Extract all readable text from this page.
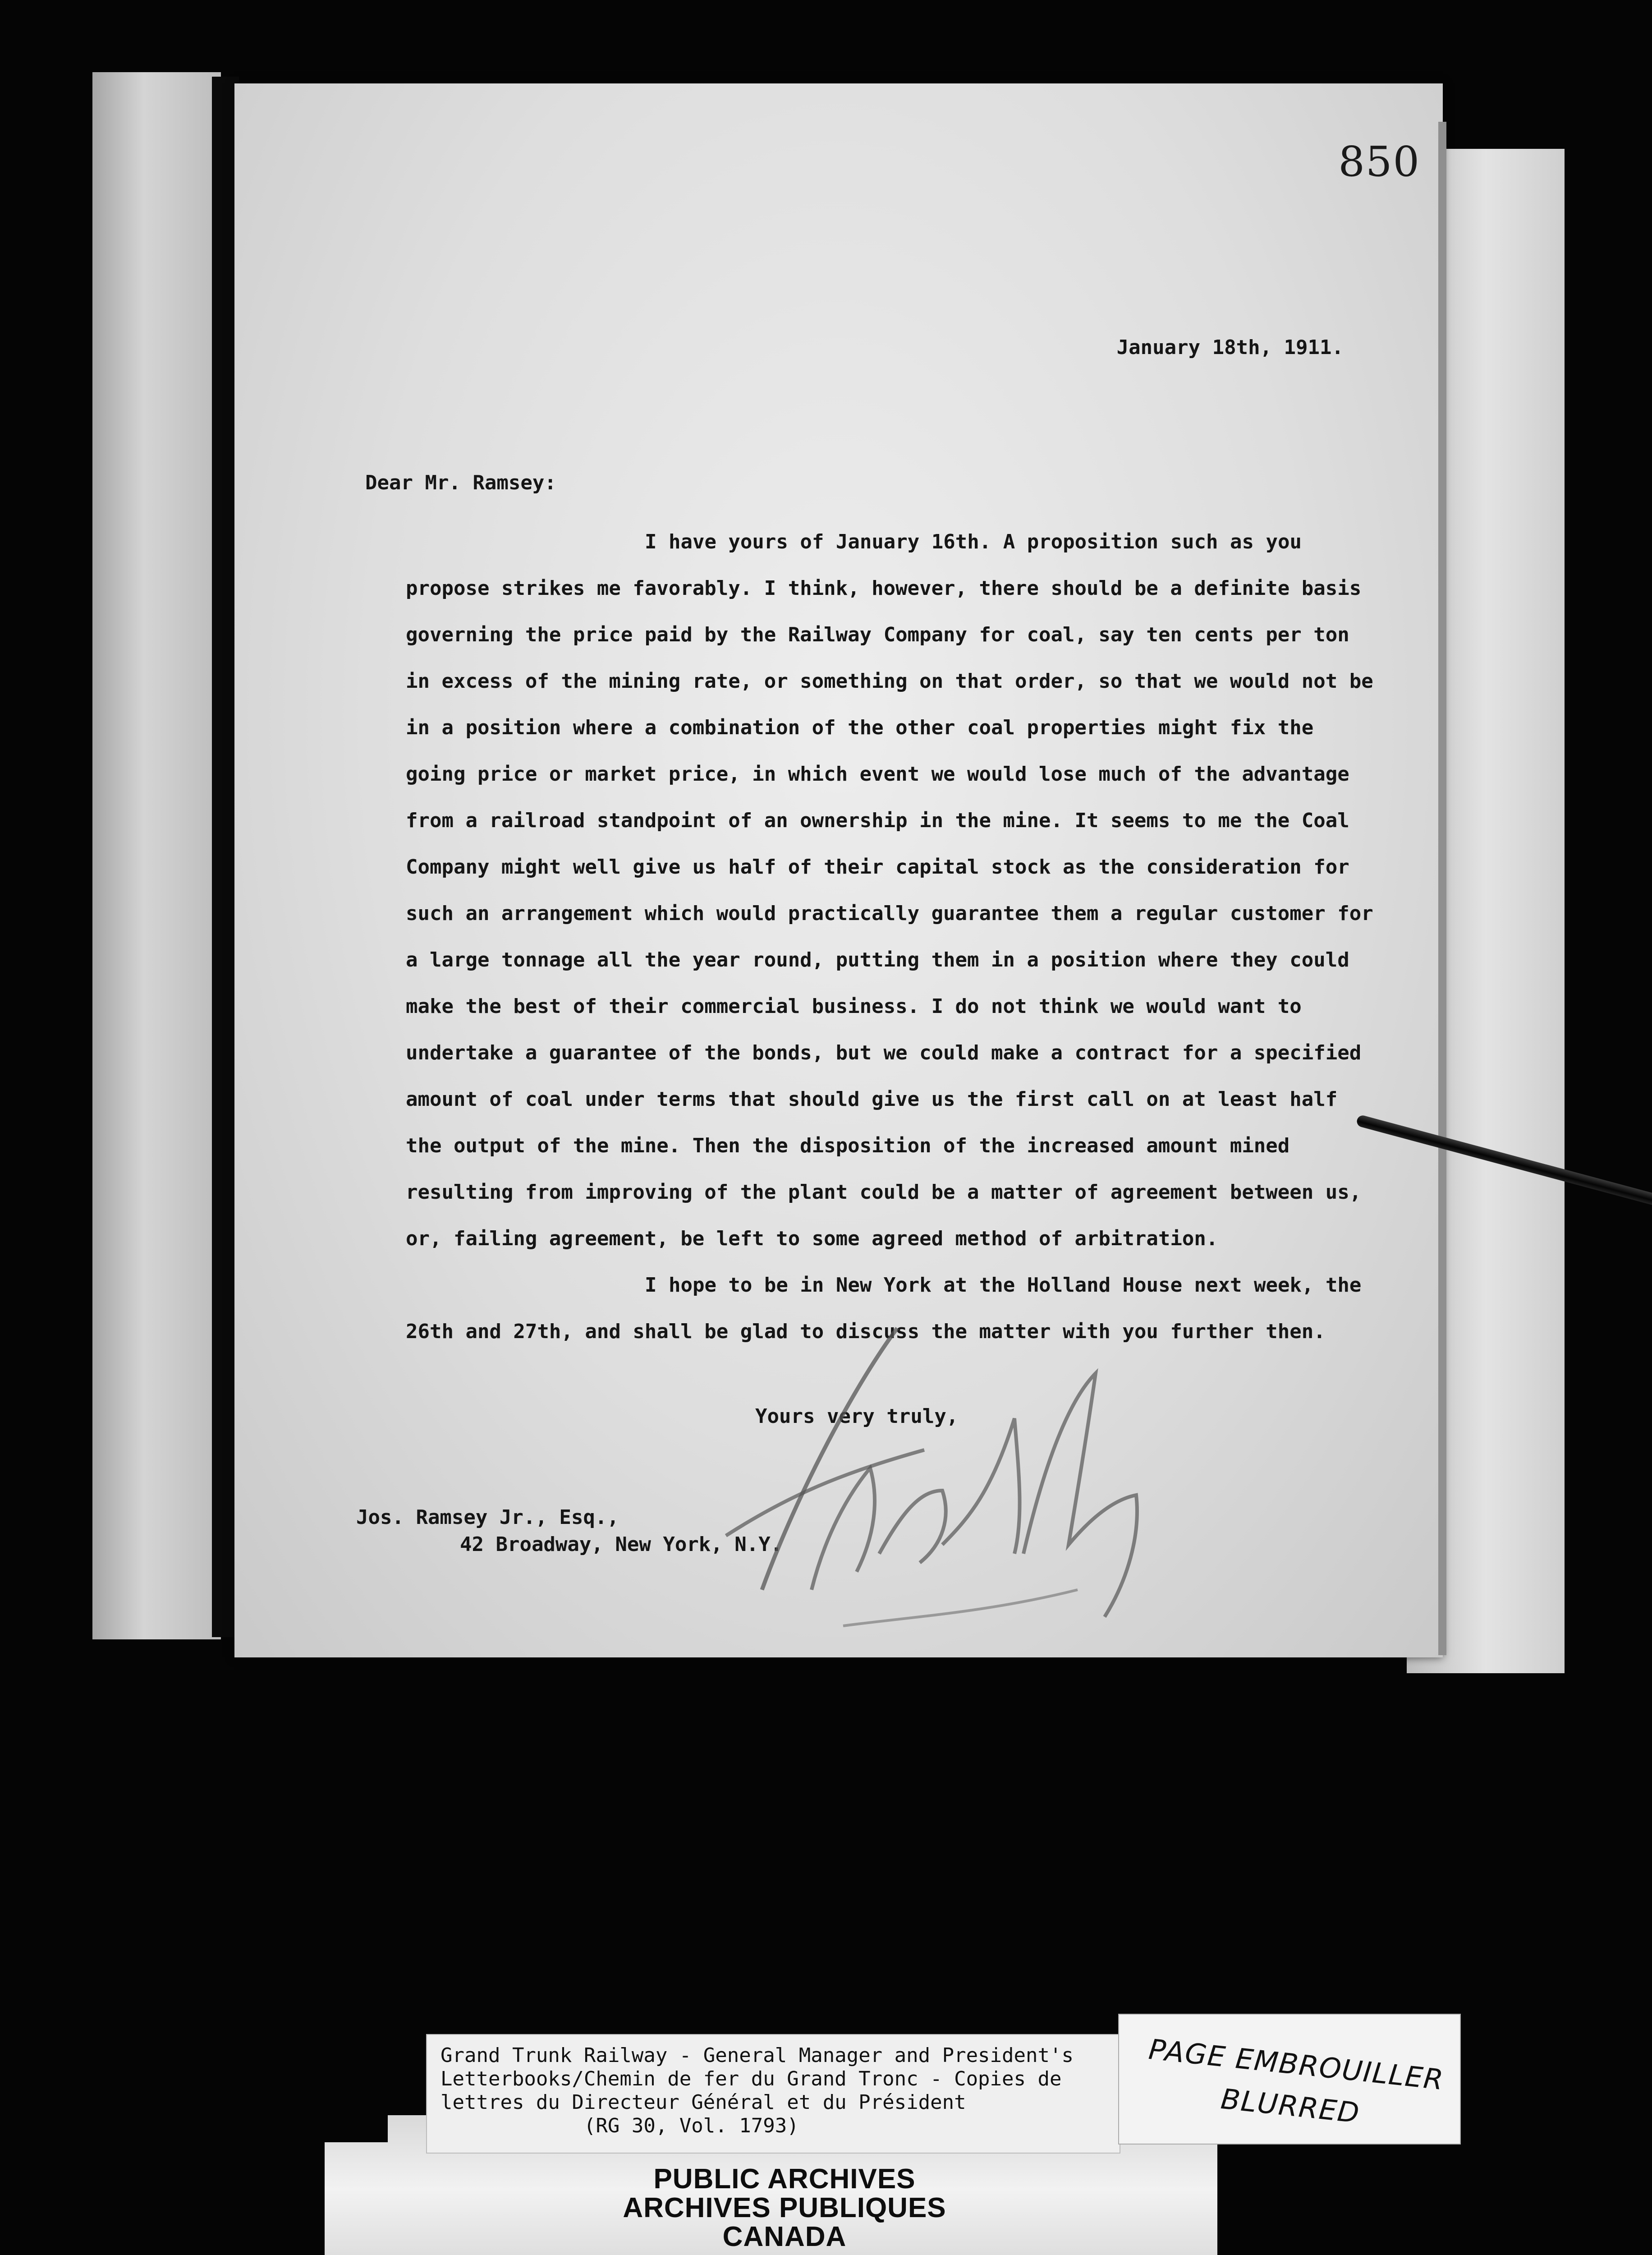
850
January 18th, 1911.
Dear Mr. Ramsey:

I have yours of January 16th. A proposition such as you propose strikes me favorably. I think, however, there should be a definite basis governing the price paid by the Railway Company for coal, say ten cents per ton in excess of the mining rate, or something on that order, so that we would not be in a position where a combination of the other coal properties might fix the going price or market price, in which event we would lose much of the advantage from a railroad standpoint of an ownership in the mine. It seems to me the Coal Company might well give us half of their capital stock as the consideration for such an arrangement which would practically guarantee them a regular customer for a large tonnage all the year round, putting them in a position where they could make the best of their commercial business. I do not think we would want to undertake a guarantee of the bonds, but we could make a contract for a specified amount of coal under terms that should give us the first call on at least half the output of the mine. Then the disposition of the increased amount mined resulting from improving of the plant could be a matter of agreement between us, or, failing agreement, be left to some agreed method of arbitration.

I hope to be in New York at the Holland House next week, the 26th and 27th, and shall be glad to discuss the matter with you further then.

Yours very truly,
Jos. Ramsey Jr., Esq.,
42 Broadway, New York, N.Y.
Grand Trunk Railway - General Manager and President's
Letterbooks/Chemin de fer du Grand Tronc - Copies de
lettres du Directeur Général et du Président
(RG 30, Vol. 1793)
PUBLIC ARCHIVES
ARCHIVES PUBLIQUES
CANADA
PAGE EMBROUILLER
BLURRED
